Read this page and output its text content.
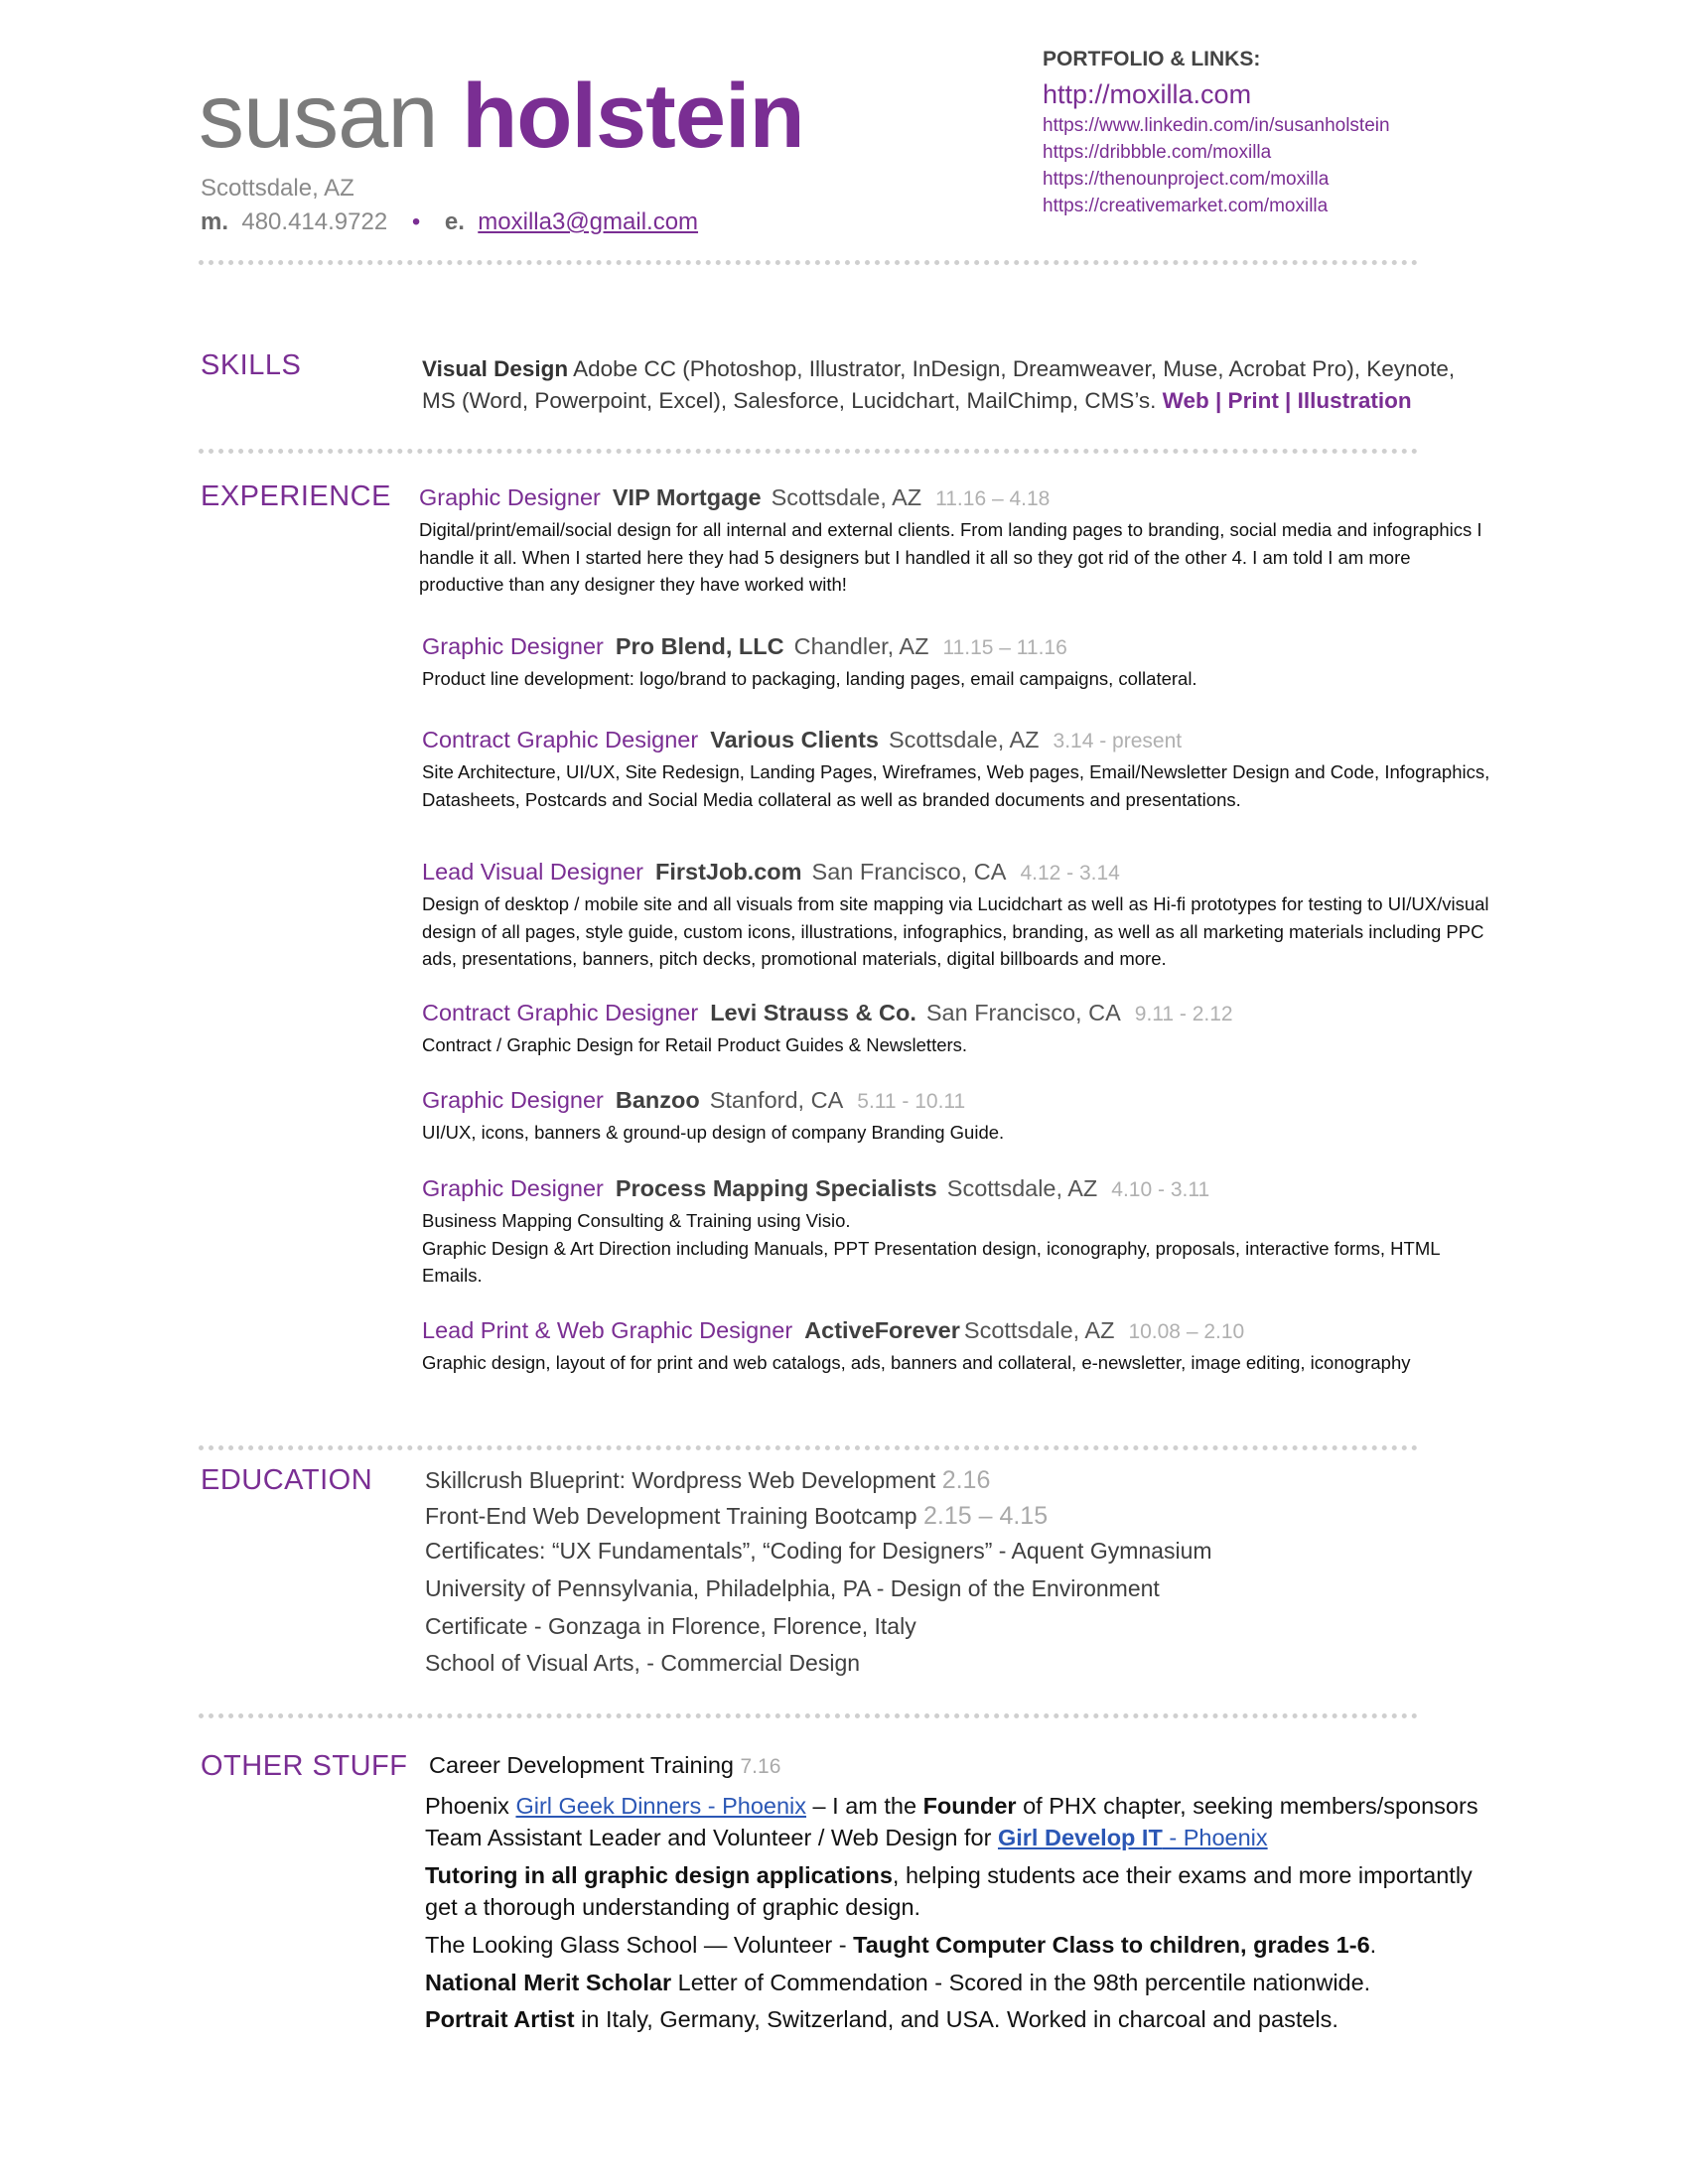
susan holstein
Scottsdale, AZ
m. 480.414.9722 • e. moxilla3@gmail.com
PORTFOLIO & LINKS:
http://moxilla.com
https://www.linkedin.com/in/susanholstein
https://dribbble.com/moxilla
https://thenounproject.com/moxilla
https://creativemarket.com/moxilla
SKILLS	Visual Design Adobe CC (Photoshop, Illustrator, InDesign, Dreamweaver, Muse, Acrobat Pro), Keynote, MS (Word, Powerpoint, Excel), Salesforce, Lucidchart, MailChimp, CMS’s. Web | Print | Illustration
EXPERIENCE Graphic Designer VIP Mortgage Scottsdale, AZ 11.16 – 4.18
Digital/print/email/social design for all internal and external clients. From landing pages to branding, social media and infographics I handle it all. When I started here they had 5 designers but I handled it all so they got rid of the other 4. I am told I am more productive than any designer they have worked with!
Graphic Designer Pro Blend, LLC Chandler, AZ 11.15 – 11.16
Product line development: logo/brand to packaging, landing pages, email campaigns, collateral.
Contract Graphic Designer Various Clients Scottsdale, AZ 3.14 - present
Site Architecture, UI/UX, Site Redesign, Landing Pages, Wireframes, Web pages, Email/Newsletter Design and Code, Infographics, Datasheets, Postcards and Social Media collateral as well as branded documents and presentations.
Lead Visual Designer FirstJob.com San Francisco, CA 4.12 - 3.14
Design of desktop / mobile site and all visuals from site mapping via Lucidchart as well as Hi-fi prototypes for testing to UI/UX/visual design of all pages, style guide, custom icons, illustrations, infographics, branding, as well as all marketing materials including PPC ads, presentations, banners, pitch decks, promotional materials, digital billboards and more.
Contract Graphic Designer Levi Strauss & Co. San Francisco, CA 9.11 - 2.12
Contract / Graphic Design for Retail Product Guides & Newsletters.
Graphic Designer Banzoo Stanford, CA 5.11 - 10.11
UI/UX, icons, banners & ground-up design of company Branding Guide.
Graphic Designer Process Mapping Specialists Scottsdale, AZ 4.10 - 3.11
Business Mapping Consulting & Training using Visio.
Graphic Design & Art Direction including Manuals, PPT Presentation design, iconography, proposals, interactive forms, HTML Emails.
Lead Print & Web Graphic Designer ActiveForever Scottsdale, AZ 10.08 – 2.10
Graphic design, layout of for print and web catalogs, ads, banners and collateral, e-newsletter, image editing, iconography
EDUCATION Skillcrush Blueprint: Wordpress Web Development 2.16
Front-End Web Development Training Bootcamp 2.15 – 4.15
Certificates: “UX Fundamentals”, “Coding for Designers” - Aquent Gymnasium
University of Pennsylvania, Philadelphia, PA - Design of the Environment
Certificate - Gonzaga in Florence, Florence, Italy
School of Visual Arts, - Commercial Design
OTHER STUFF Career Development Training 7.16
Phoenix Girl Geek Dinners - Phoenix – I am the Founder of PHX chapter, seeking members/sponsors
Team Assistant Leader and Volunteer / Web Design for Girl Develop IT - Phoenix
Tutoring in all graphic design applications, helping students ace their exams and more importantly
get a thorough understanding of graphic design.
The Looking Glass School — Volunteer - Taught Computer Class to children, grades 1-6.
National Merit Scholar Letter of Commendation - Scored in the 98th percentile nationwide.
Portrait Artist in Italy, Germany, Switzerland, and USA. Worked in charcoal and pastels.
